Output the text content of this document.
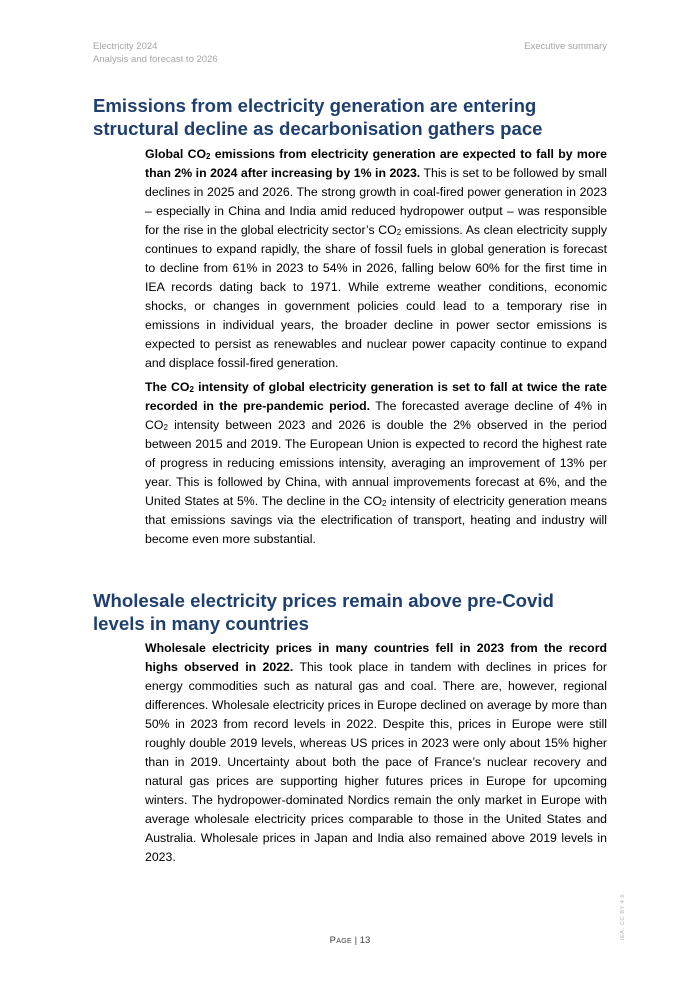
Electricity 2024
Analysis and forecast to 2026
Executive summary
Emissions from electricity generation are entering
structural decline as decarbonisation gathers pace

Global $CO_2$ emissions from electricity generation are expected to fall by more than 2% in 2024 after increasing by 1% in 2023. This is set to be followed by small declines in 2025 and 2026. The strong growth in coal-fired power generation in 2023 – especially in China and India amid reduced hydropower output – was responsible for the rise in the global electricity sector’s $CO_2$ emissions. As clean electricity supply continues to expand rapidly, the share of fossil fuels in global generation is forecast to decline from 61% in 2023 to 54% in 2026, falling below 60% for the first time in IEA records dating back to 1971. While extreme weather conditions, economic shocks, or changes in government policies could lead to a temporary rise in emissions in individual years, the broader decline in power sector emissions is expected to persist as renewables and nuclear power capacity continue to expand and displace fossil-fired generation.

The $CO_2$ intensity of global electricity generation is set to fall at twice the rate recorded in the pre-pandemic period. The forecasted average decline of 4% in $CO_2$ intensity between 2023 and 2026 is double the 2% observed in the period between 2015 and 2019. The European Union is expected to record the highest rate of progress in reducing emissions intensity, averaging an improvement of 13% per year. This is followed by China, with annual improvements forecast at 6%, and the United States at 5%. The decline in the $CO_2$ intensity of electricity generation means that emissions savings via the electrification of transport, heating and industry will become even more substantial.

Wholesale electricity prices remain above pre-Covid
levels in many countries

Wholesale electricity prices in many countries fell in 2023 from the record highs observed in 2022. This took place in tandem with declines in prices for energy commodities such as natural gas and coal. There are, however, regional differences. Wholesale electricity prices in Europe declined on average by more than 50% in 2023 from record levels in 2022. Despite this, prices in Europe were still roughly double 2019 levels, whereas US prices in 2023 were only about 15% higher than in 2019. Uncertainty about both the pace of France’s nuclear recovery and natural gas prices are supporting higher futures prices in Europe for upcoming winters. The hydropower-dominated Nordics remain the only market in Europe with average wholesale electricity prices comparable to those in the United States and Australia. Wholesale prices in Japan and India also remained above 2019 levels in 2023.

Page | 13
IEA. CC BY 4.0.
